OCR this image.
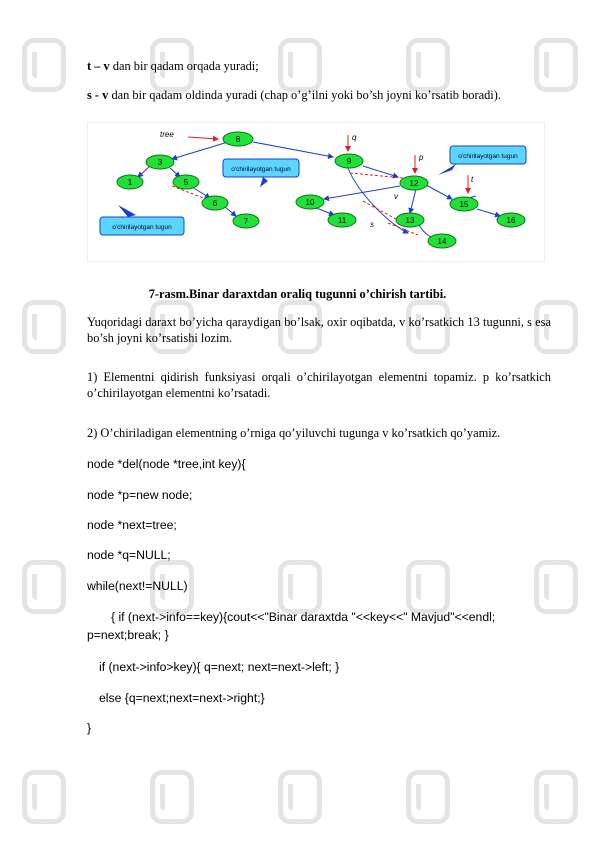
t – v dan bir qadam orqada yuradi;
s - v dan bir qadam oldinda yuradi (chap o’g’ilni yoki bo’sh joyni ko’rsatib boradi).
8
3	9
1	5	12
6
7
10
11	13
15
16
14
o'chirilayotgan tugun
o'chirilayotgan tugun
o'chirilayotgan tugun
tree	q
p
t
v
s
7-rasm.Binar daraxtdan oraliq tugunni o’chirish tartibi.
Yuqoridagi daraxt bo’yicha qaraydigan bo’lsak, oxir oqibatda, v ko’rsatkich 13 tugunni, s esa bo’sh joyni ko’rsatishi lozim.
1) Elementni qidirish funksiyasi orqali o’chirilayotgan elementni topamiz. p ko’rsatkich o’chirilayotgan elementni ko’rsatadi.
2) O’chiriladigan elementning o’rniga qo’yiluvchi tugunga v ko’rsatkich qo’yamiz.
node *del(node *tree,int key){
node *p=new node;
node *next=tree;
node *q=NULL;
while(next!=NULL)
{ if (next->info==key){cout<<"Binar daraxtda "<<key<<" Mavjud"<<endl;
p=next;break; }
if (next->info>key){ q=next; next=next->left; }
else {q=next;next=next->right;}
}
